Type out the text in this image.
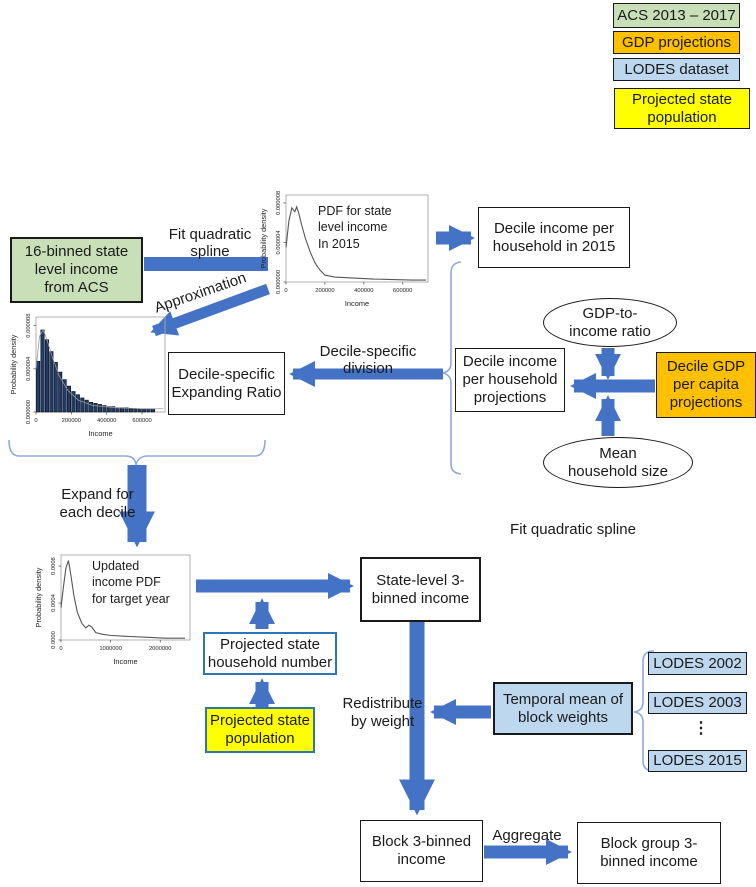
ACS 2013 – 2017
GDP projections
LODES dataset
Projected state
population
16-binned state
level income
from ACS
Decile income per
household in 2015
Decile-specific
Expanding Ratio
Decile income
per household
projections
GDP-to-
income ratio
Decile GDP
per capita
projections
Mean
household size
State-level 3-
binned income
Projected state
household number
Projected state
population
Temporal mean of
block weights
LODES 2002
LODES 2003
⋮
LODES 2015
Block 3-binned
income
Block group 3-
binned income
0	200000	400000	600000
0.000000
0.000004
0.000008
Income
Probability density	PDF for state
level income
In 2015
0	200000	400000	600000
0.000000
0.000004
0.000008
Income
Probability density
0	1000000	2000000
0.0000
0.0004
0.0008
Income
Probability density
Updated
income PDF
for target year
Fit quadratic spline
Approximation
Decile-specific division
Expand for
each decile
Fit quadratic spline
Redistribute
by weight
Aggregate
